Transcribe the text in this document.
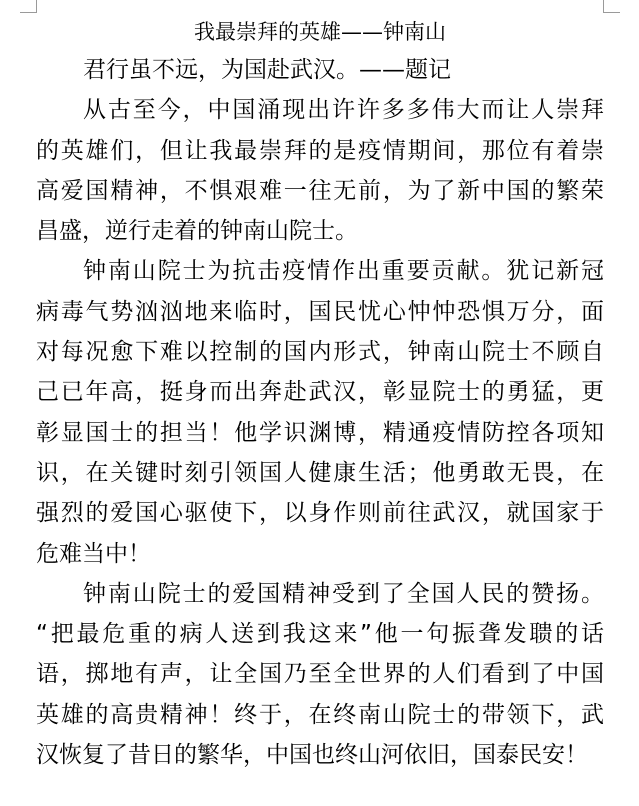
我最崇拜的英雄——钟南山

君行虽不远，为国赴武汉。——题记

从古至今，中国涌现出许许多多伟大而让人崇拜

的英雄们，但让我最崇拜的是疫情期间，那位有着崇

高爱国精神，不惧艰难一往无前，为了新中国的繁荣

昌盛，逆行走着的钟南山院士。

钟南山院士为抗击疫情作出重要贡献。犹记新冠

病毒气势汹汹地来临时，国民忧心忡忡恐惧万分，面

对每况愈下难以控制的国内形式，钟南山院士不顾自

己已年高，挺身而出奔赴武汉，彰显院士的勇猛，更

彰显国士的担当！他学识渊博，精通疫情防控各项知

识，在关键时刻引领国人健康生活；他勇敢无畏，在

强烈的爱国心驱使下，以身作则前往武汉，就国家于

危难当中！

钟南山院士的爱国精神受到了全国人民的赞扬。

“把最危重的病人送到我这来”他一句振聋发聩的话

语，掷地有声，让全国乃至全世界的人们看到了中国

英雄的高贵精神！终于，在终南山院士的带领下，武

汉恢复了昔日的繁华，中国也终山河依旧，国泰民安！
